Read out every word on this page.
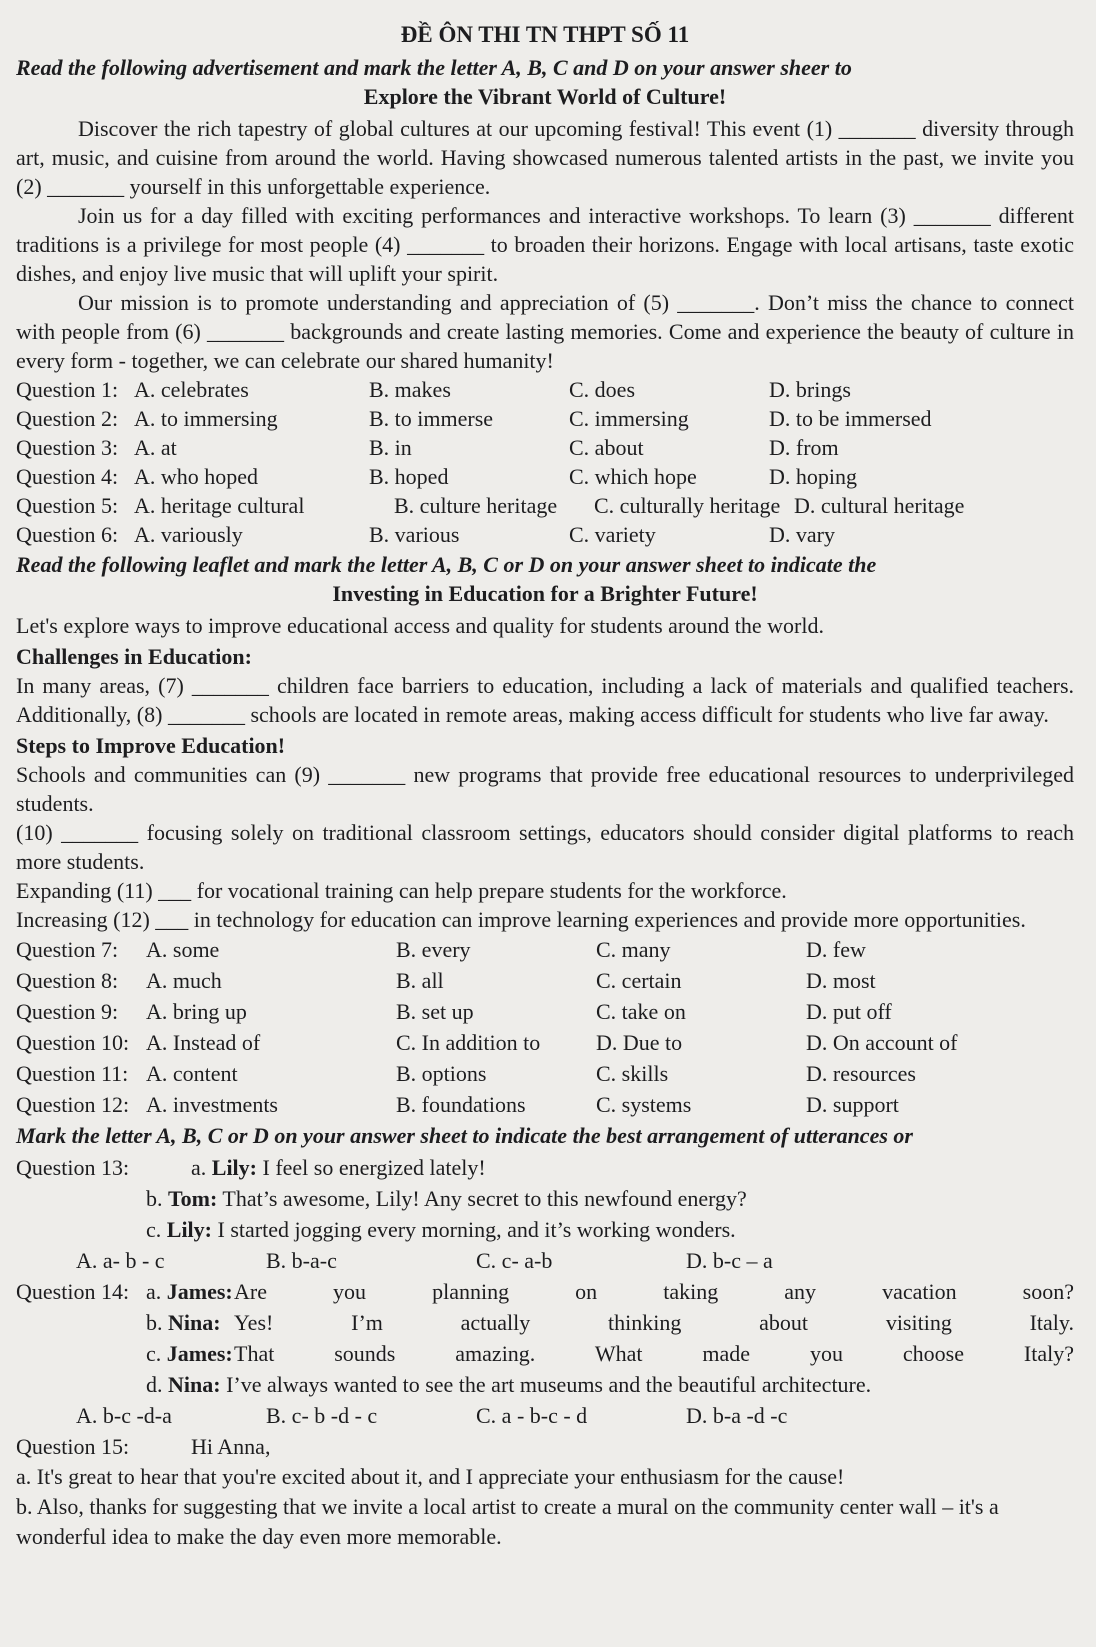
ĐỀ ÔN THI TN THPT SỐ 11
Read the following advertisement and mark the letter A, B, C and D on your answer sheer to
Explore the Vibrant World of Culture!

Discover the rich tapestry of global cultures at our upcoming festival! This event (1) _______ diversity through art, music, and cuisine from around the world. Having showcased numerous talented artists in the past, we invite you (2) _______ yourself in this unforgettable experience.

Join us for a day filled with exciting performances and interactive workshops. To learn (3) _______ different traditions is a privilege for most people (4) _______ to broaden their horizons. Engage with local artisans, taste exotic dishes, and enjoy live music that will uplift your spirit.

Our mission is to promote understanding and appreciation of (5) _______. Don’t miss the chance to connect with people from (6) _______ backgrounds and create lasting memories. Come and experience the beauty of culture in every form - together, we can celebrate our shared humanity!

Question 1: A. celebrates	B. makes	C. does	D. brings
Question 2: A. to immersing	B. to immerse	C. immersing	D. to be immersed
Question 3: A. at	B. in	C. about	D. from
Question 4: A. who hoped	B. hoped	C. which hope	D. hoping
Question 5: A. heritage cultural	B. culture heritage	C. culturally heritage D. cultural heritage
Question 6: A. variously	B. various	C. variety	D. vary
Read the following leaflet and mark the letter A, B, C or D on your answer sheet to indicate the
Investing in Education for a Brighter Future!

Let's explore ways to improve educational access and quality for students around the world.

Challenges in Education:

In many areas, (7) _______ children face barriers to education, including a lack of materials and qualified teachers. Additionally, (8) _______ schools are located in remote areas, making access difficult for students who live far away.

Steps to Improve Education!

Schools and communities can (9) _______ new programs that provide free educational resources to underprivileged students.

(10) _______ focusing solely on traditional classroom settings, educators should consider digital platforms to reach more students.

Expanding (11) ___ for vocational training can help prepare students for the workforce.

Increasing (12) ___ in technology for education can improve learning experiences and provide more opportunities.

Question 7:	A. some	B. every	C. many	D. few
Question 8:	A. much	B. all	C. certain	D. most
Question 9:	A. bring up	B. set up	C. take on	D. put off
Question 10: A. Instead of	C. In addition to	D. Due to	D. On account of
Question 11: A. content	B. options	C. skills	D. resources
Question 12: A. investments	B. foundations	C. systems	D. support
Mark the letter A, B, C or D on your answer sheet to indicate the best arrangement of utterances or
Question 13:	a. Lily: I feel so energized lately!
b. Tom: That’s awesome, Lily! Any secret to this newfound energy?
c. Lily: I started jogging every morning, and it’s working wonders.
A. a- b - c	B. b-a-c	C. c- a-b	D. b-c – a
Question 14: a. James: Are you planning on taking any vacation soon?
b. Nina: Yes! I’m actually thinking about visiting Italy.
c. James: That sounds amazing. What made you choose Italy?
d. Nina: I’ve always wanted to see the art museums and the beautiful architecture.
A. b-c -d-a	B. c- b -d - c	C. a - b-c - d	D. b-a -d -c
Question 15:	Hi Anna,
a. It's great to hear that you're excited about it, and I appreciate your enthusiasm for the cause!
b. Also, thanks for suggesting that we invite a local artist to create a mural on the community center wall – it's a wonderful idea to make the day even more memorable.
